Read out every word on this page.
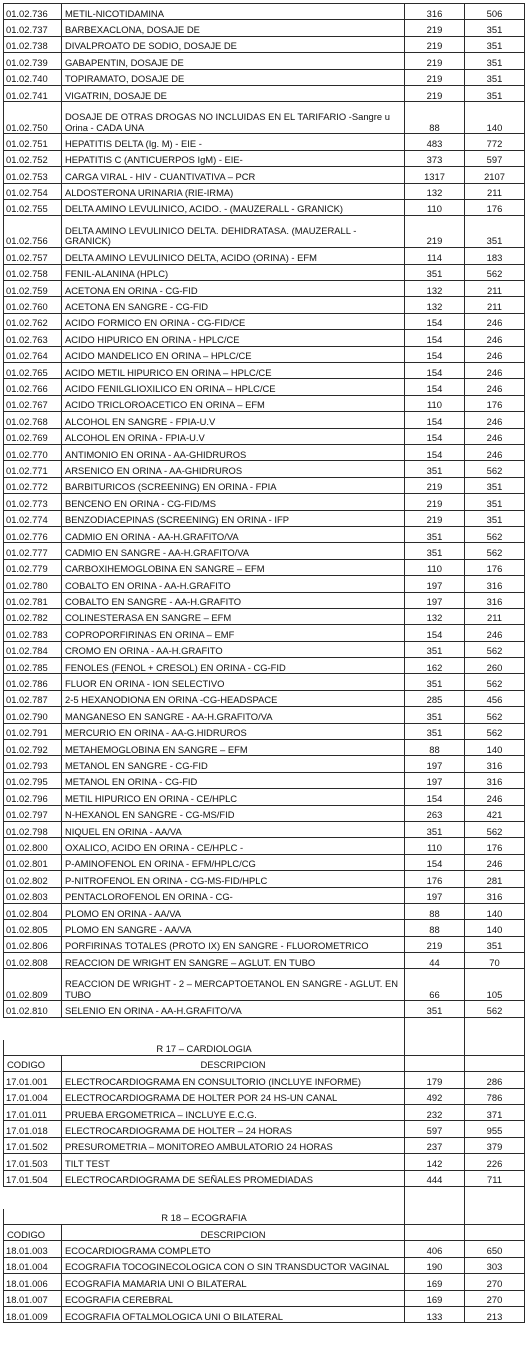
01.02.736	METIL-NICOTIDAMINA	316	506
01.02.737	BARBEXACLONA, DOSAJE DE	219	351
01.02.738	DIVALPROATO DE SODIO, DOSAJE DE	219	351
01.02.739	GABAPENTIN, DOSAJE DE	219	351
01.02.740	TOPIRAMATO, DOSAJE DE	219	351
01.02.741	VIGATRIN, DOSAJE DE	219	351
01.02.750	DOSAJE DE OTRAS DROGAS NO INCLUIDAS EN EL TARIFARIO -Sangre u Orina - CADA UNA	88	140
01.02.751	HEPATITIS DELTA (Ig. M) - EIE -	483	772
01.02.752	HEPATITIS C (ANTICUERPOS IgM) - EIE-	373	597
01.02.753	CARGA VIRAL - HIV - CUANTIVATIVA – PCR	1317	2107
01.02.754	ALDOSTERONA URINARIA (RIE-IRMA)	132	211
01.02.755	DELTA AMINO LEVULINICO, ACIDO. - (MAUZERALL - GRANICK)	110	176
01.02.756	DELTA AMINO LEVULINICO DELTA. DEHIDRATASA. (MAUZERALL - GRANICK)	219	351
01.02.757	DELTA AMINO LEVULINICO DELTA, ACIDO (ORINA) - EFM	114	183
01.02.758	FENIL-ALANINA (HPLC)	351	562
01.02.759	ACETONA EN ORINA - CG-FID	132	211
01.02.760	ACETONA EN SANGRE - CG-FID	132	211
01.02.762	ACIDO FORMICO EN ORINA - CG-FID/CE	154	246
01.02.763	ACIDO HIPURICO EN ORINA - HPLC/CE	154	246
01.02.764	ACIDO MANDELICO EN ORINA – HPLC/CE	154	246
01.02.765	ACIDO METIL HIPURICO EN ORINA – HPLC/CE	154	246
01.02.766	ACIDO FENILGLIOXILICO EN ORINA – HPLC/CE	154	246
01.02.767	ACIDO TRICLOROACETICO EN ORINA – EFM	110	176
01.02.768	ALCOHOL EN SANGRE - FPIA-U.V	154	246
01.02.769	ALCOHOL EN ORINA - FPIA-U.V	154	246
01.02.770	ANTIMONIO EN ORINA - AA-GHIDRUROS	154	246
01.02.771	ARSENICO EN ORINA - AA-GHIDRUROS	351	562
01.02.772	BARBITURICOS (SCREENING) EN ORINA - FPIA	219	351
01.02.773	BENCENO EN ORINA - CG-FID/MS	219	351
01.02.774	BENZODIACEPINAS (SCREENING) EN ORINA - IFP	219	351
01.02.776	CADMIO EN ORINA - AA-H.GRAFITO/VA	351	562
01.02.777	CADMIO EN SANGRE - AA-H.GRAFITO/VA	351	562
01.02.779	CARBOXIHEMOGLOBINA EN SANGRE – EFM	110	176
01.02.780	COBALTO EN ORINA - AA-H.GRAFITO	197	316
01.02.781	COBALTO EN SANGRE - AA-H.GRAFITO	197	316
01.02.782	COLINESTERASA EN SANGRE – EFM	132	211
01.02.783	COPROPORFIRINAS EN ORINA – EMF	154	246
01.02.784	CROMO EN ORINA - AA-H.GRAFITO	351	562
01.02.785	FENOLES (FENOL + CRESOL) EN ORINA - CG-FID	162	260
01.02.786	FLUOR EN ORINA - ION SELECTIVO	351	562
01.02.787	2-5 HEXANODIONA EN ORINA -CG-HEADSPACE	285	456
01.02.790	MANGANESO EN SANGRE - AA-H.GRAFITO/VA	351	562
01.02.791	MERCURIO EN ORINA - AA-G.HIDRUROS	351	562
01.02.792	METAHEMOGLOBINA EN SANGRE – EFM	88	140
01.02.793	METANOL EN SANGRE - CG-FID	197	316
01.02.795	METANOL EN ORINA - CG-FID	197	316
01.02.796	METIL HIPURICO EN ORINA - CE/HPLC	154	246
01.02.797	N-HEXANOL EN SANGRE - CG-MS/FID	263	421
01.02.798	NIQUEL EN ORINA - AA/VA	351	562
01.02.800	OXALICO, ACIDO EN ORINA - CE/HPLC -	110	176
01.02.801	P-AMINOFENOL EN ORINA - EFM/HPLC/CG	154	246
01.02.802	P-NITROFENOL EN ORINA - CG-MS-FID/HPLC	176	281
01.02.803	PENTACLOROFENOL EN ORINA - CG-	197	316
01.02.804	PLOMO EN ORINA - AA/VA	88	140
01.02.805	PLOMO EN SANGRE - AA/VA	88	140
01.02.806	PORFIRINAS TOTALES (PROTO IX) EN SANGRE - FLUOROMETRICO	219	351
01.02.808	REACCION DE WRIGHT EN SANGRE – AGLUT. EN TUBO	44	70
01.02.809	REACCION DE WRIGHT - 2 – MERCAPTOETANOL EN SANGRE - AGLUT. EN TUBO	66	105
01.02.810	SELENIO EN ORINA - AA-H.GRAFITO/VA	351	562

R 17 – CARDIOLOGIA			
CODIGO	DESCRIPCION		
17.01.001	ELECTROCARDIOGRAMA EN CONSULTORIO (INCLUYE INFORME)	179	286
17.01.004	ELECTROCARDIOGRAMA DE HOLTER POR 24 HS-UN CANAL	492	786
17.01.011	PRUEBA ERGOMETRICA – INCLUYE E.C.G.	232	371
17.01.018	ELECTROCARDIOGRAMA DE HOLTER – 24 HORAS	597	955
17.01.502	PRESUROMETRIA – MONITOREO AMBULATORIO 24 HORAS	237	379
17.01.503	TILT TEST	142	226
17.01.504	ELECTROCARDIOGRAMA DE SEÑALES PROMEDIADAS	444	711

R 18 – ECOGRAFIA			
CODIGO	DESCRIPCION		
18.01.003	ECOCARDIOGRAMA COMPLETO	406	650
18.01.004	ECOGRAFIA TOCOGINECOLOGICA CON O SIN TRANSDUCTOR VAGINAL	190	303
18.01.006	ECOGRAFIA MAMARIA UNI O BILATERAL	169	270
18.01.007	ECOGRAFIA CEREBRAL	169	270
18.01.009	ECOGRAFIA OFTALMOLOGICA UNI O BILATERAL	133	213
